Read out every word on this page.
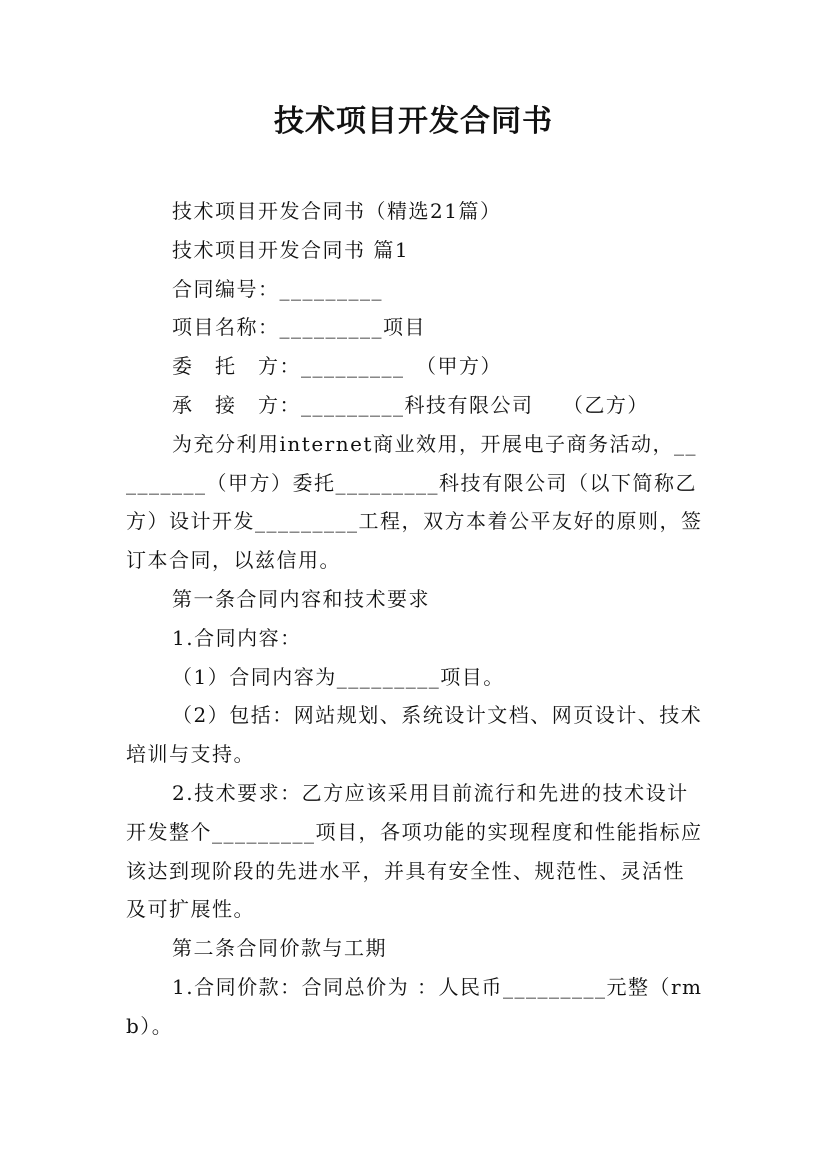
技术项目开发合同书

技术项目开发合同书（精选21篇）

技术项目开发合同书 篇1

合同编号：_________

项目名称：_________项目

委　托　方：_________　（甲方）

承　接　方：_________科技有限公司　 （乙方）

为充分利用internet商业效用，开展电子商务活动，_________（甲方）委托_________科技有限公司（以下简称乙方）设计开发_________工程，双方本着公平友好的原则，签订本合同，以兹信用。

第一条合同内容和技术要求

1.合同内容：

（1）合同内容为_________项目。

（2）包括：网站规划、系统设计文档、网页设计、技术培训与支持。

2.技术要求：乙方应该采用目前流行和先进的技术设计开发整个_________项目，各项功能的实现程度和性能指标应该达到现阶段的先进水平，并具有安全性、规范性、灵活性及可扩展性。

第二条合同价款与工期

1.合同价款：合同总价为 ：人民币_________元整（rmb）。
